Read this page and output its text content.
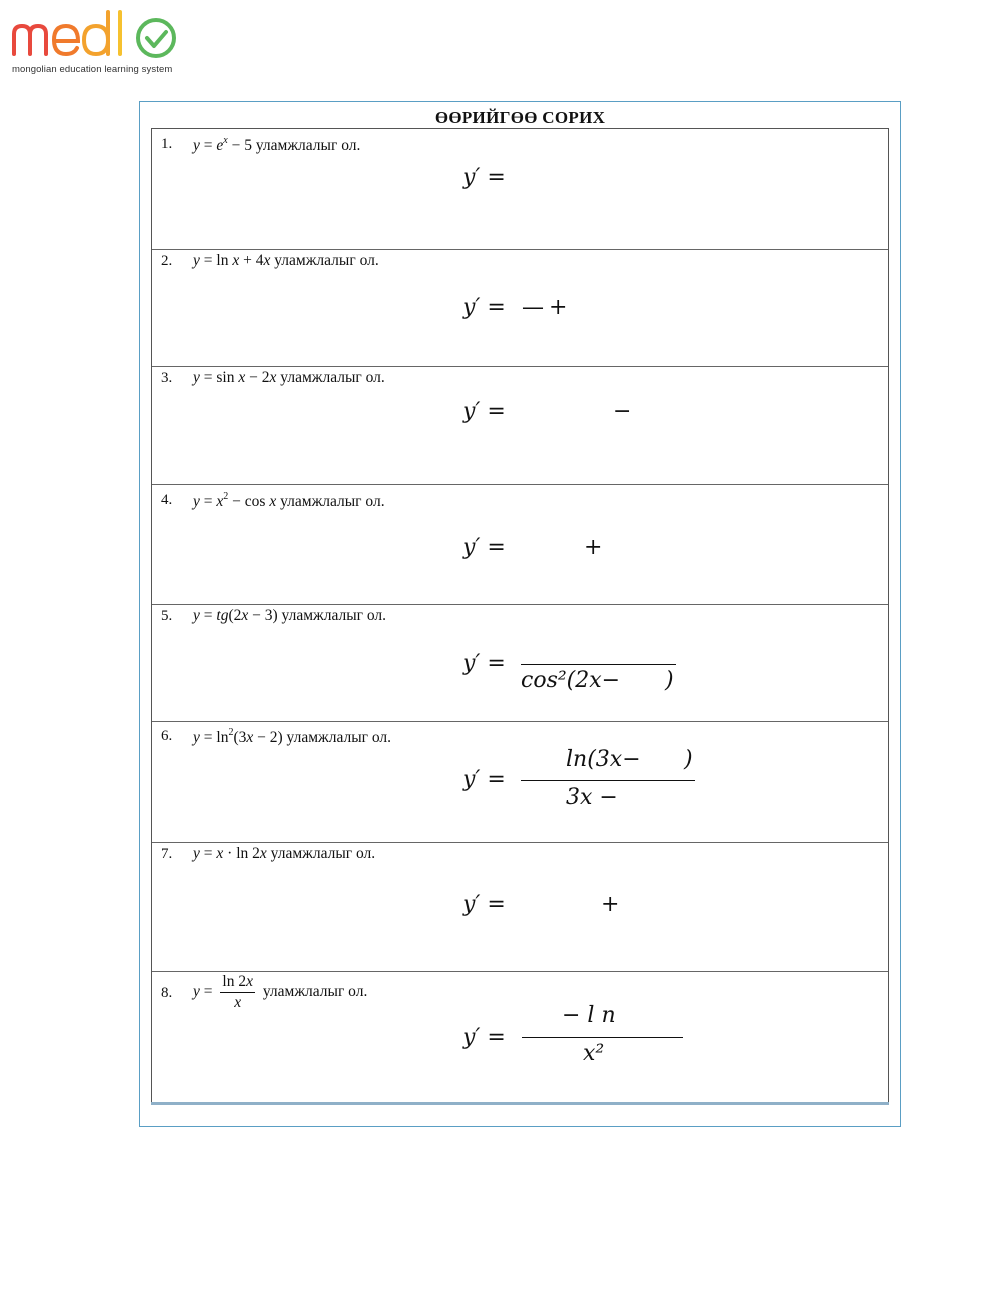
mongolian education learning system
ӨӨРИЙГӨӨ СОРИХ
1. $y = e^x - 5$ уламжлалыг ол.
y′ =
2. y = ln x + 4x уламжлалыг ол.
y′ = — +
3. y = sin x − 2x уламжлалыг ол.
y′ =	−
4. $y = x^2 - \cos x$ уламжлалыг ол.
y′ =	+
5. y = tg(2x − 3) уламжлалыг ол.
y′ =
cos²(2x− )
6. $y = \ln^2(3x - 2)$ уламжлалыг ол.
y′ =
ln(3x− )
3x −
7. y = x · ln 2x уламжлалыг ол.
y′ =	+
8. $y = \frac{\ln 2x}{x}$ уламжлалыг ол.
y′ =
− l n
x²
